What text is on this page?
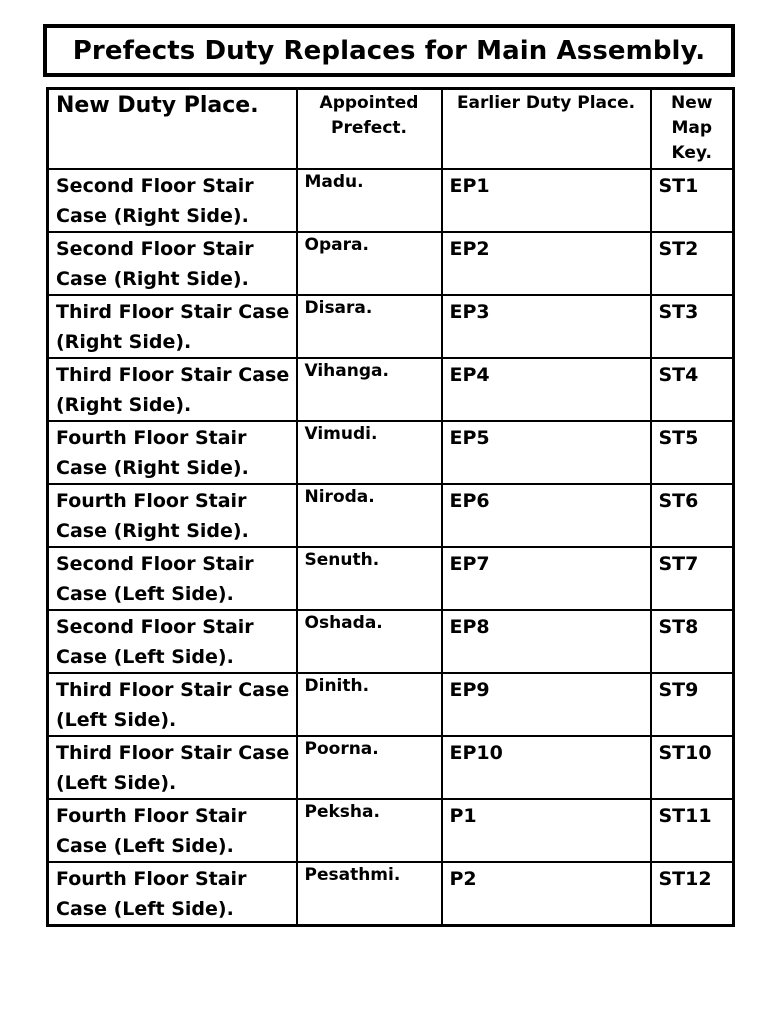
Prefects Duty Replaces for Main Assembly.
New Duty Place.	Appointed Prefect.	Earlier Duty Place.	New Map Key.

Second Floor Stair Case (Right Side).	Madu.	EP1	ST1

Second Floor Stair Case (Right Side).	Opara.	EP2	ST2

Third Floor Stair Case (Right Side).	Disara.	EP3	ST3

Third Floor Stair Case (Right Side).	Vihanga.	EP4	ST4

Fourth Floor Stair Case (Right Side).	Vimudi.	EP5	ST5

Fourth Floor Stair Case (Right Side).	Niroda.	EP6	ST6

Second Floor Stair Case (Left Side).	Senuth.	EP7	ST7

Second Floor Stair Case (Left Side).	Oshada.	EP8	ST8

Third Floor Stair Case (Left Side).	Dinith.	EP9	ST9

Third Floor Stair Case (Left Side).	Poorna.	EP10	ST10

Fourth Floor Stair Case (Left Side).	Peksha.	P1	ST11

Fourth Floor Stair Case (Left Side).	Pesathmi.	P2	ST12
